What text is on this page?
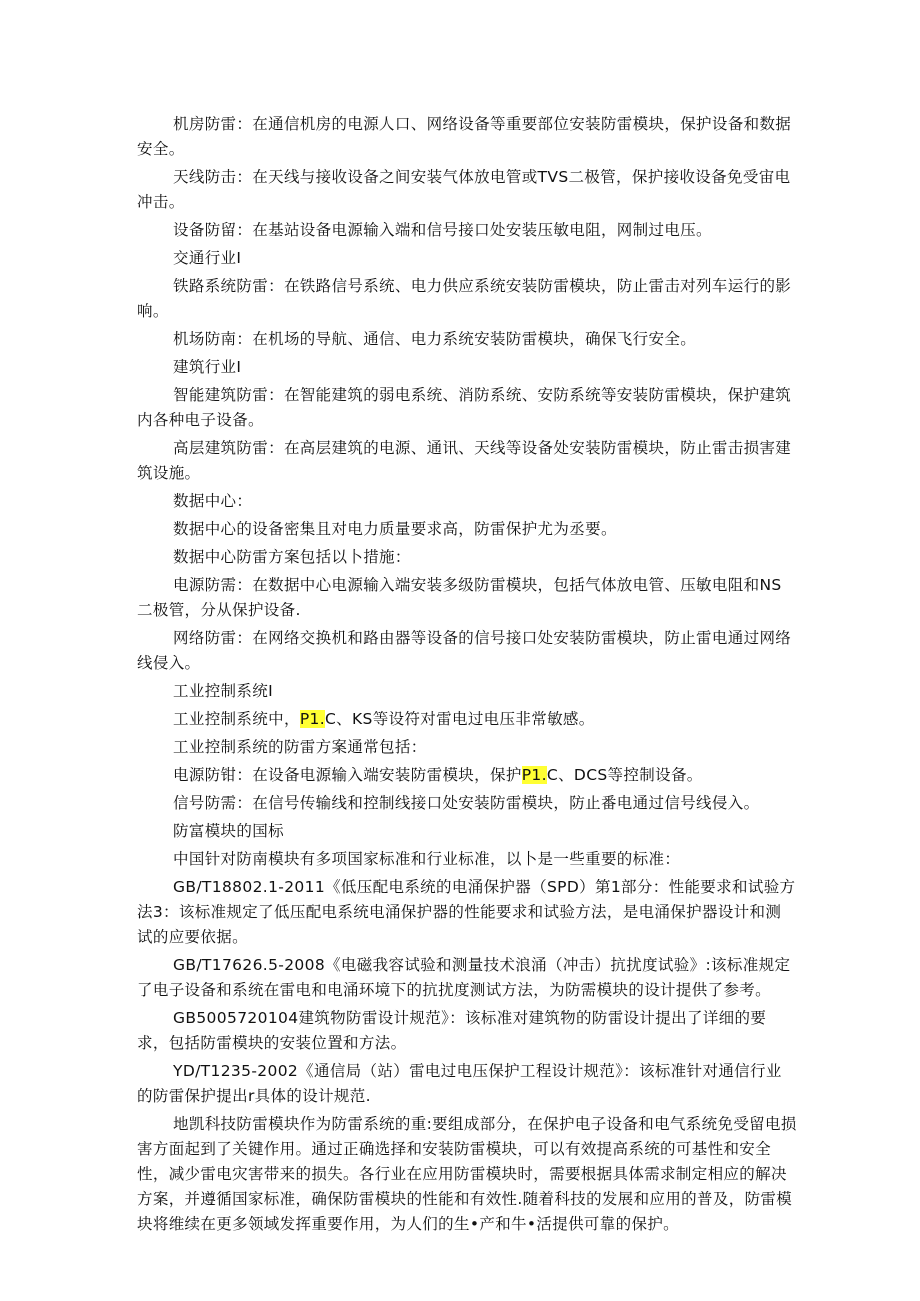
机房防雷：在通信机房的电源人口、网络设备等重要部位安装防雷模块，保护设备和数据安全。

天线防击：在天线与接收设备之间安装气体放电管或TVS二极管，保护接收设备免受宙电冲击。

设备防留：在基站设备电源输入端和信号接口处安装压敏电阻，网制过电压。

交通行业I

铁路系统防雷：在铁路信号系统、电力供应系统安装防雷模块，防止雷击对列车运行的影响。

机场防南：在机场的导航、通信、电力系统安装防雷模块，确保飞行安全。

建筑行业I

智能建筑防雷：在智能建筑的弱电系统、消防系统、安防系统等安装防雷模块，保护建筑内各种电子设备。

高层建筑防雷：在高层建筑的电源、通讯、天线等设备处安装防雷模块，防止雷击损害建筑设施。

数据中心：

数据中心的设备密集且对电力质量要求高，防雷保护尤为丞要。

数据中心防雷方案包括以卜措施：

电源防需：在数据中心电源输入端安装多级防雷模块，包括气体放电管、压敏电阻和NS二极管，分从保护设备.

网络防雷：在网络交换机和路由器等设备的信号接口处安装防雷模块，防止雷电通过网络线侵入。

工业控制系统I

工业控制系统中，P1.C、KS等设符对雷电过电压非常敏感。

工业控制系统的防雷方案通常包括：

电源防钳：在设备电源输入端安装防雷模块，保护P1.C、DCS等控制设备。

信号防需：在信号传输线和控制线接口处安装防雷模块，防止番电通过信号线侵入。

防富模块的国标

中国针对防南模块有多项国家标准和行业标准，以卜是一些重要的标准：

GB/T18802.1-2011《低压配电系统的电涌保护器（SPD）第1部分：性能要求和试验方法3：该标准规定了低压配电系统电涌保护器的性能要求和试验方法，是电涌保护器设计和测试的应要依据。

GB/T17626.5-2008《电磁我容试验和测量技术浪涌（冲击）抗扰度试验》:该标准规定了电子设备和系统在雷电和电涌环境下的抗扰度测试方法，为防需模块的设计提供了参考。

GB5005720104建筑物防雷设计规范》：该标准对建筑物的防雷设计提出了详细的要求，包括防雷模块的安装位置和方法。

YD/T1235-2002《通信局（站）雷电过电压保护工程设计规范》：该标准针对通信行业的防雷保护提出r具体的设计规范.

地凯科技防雷模块作为防雷系统的重:要组成部分，在保护电子设备和电气系统免受留电损害方面起到了关键作用。通过正确选择和安装防雷模块，可以有效提高系统的可基性和安全性，减少雷电灾害带来的损失。各行业在应用防雷模块时，需要根据具体需求制定相应的解决方案，并遵循国家标准，确保防雷模块的性能和有效性.随着科技的发展和应用的普及，防雷模块将维续在更多领域发挥重要作用，为人们的生•产和牛•活提供可靠的保护。
